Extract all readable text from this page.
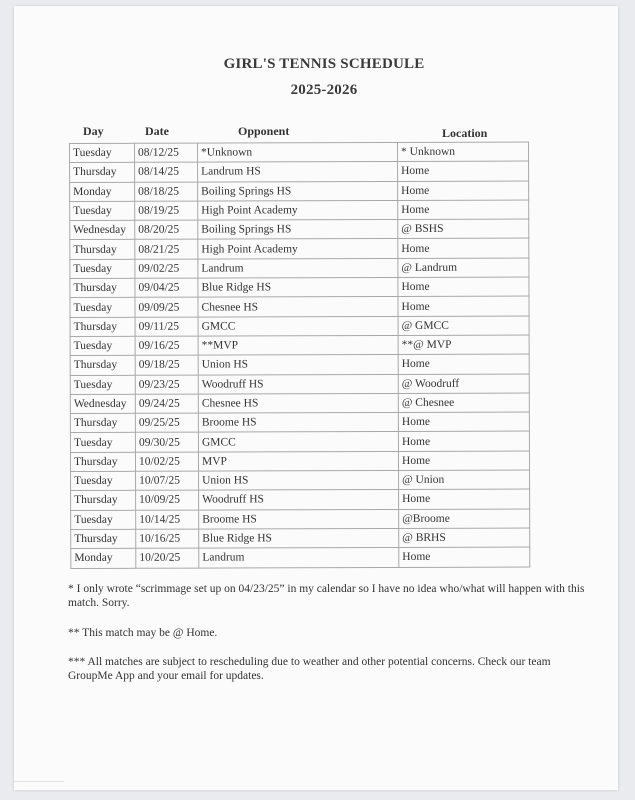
GIRL'S TENNIS SCHEDULE
2025-2026
Day	Date	Opponent	Location
Tuesday	08/12/25	*Unknown	* Unknown
Thursday	08/14/25	Landrum HS	Home
Monday	08/18/25	Boiling Springs HS	Home
Tuesday	08/19/25	High Point Academy	Home
Wednesday	08/20/25	Boiling Springs HS	@ BSHS
Thursday	08/21/25	High Point Academy	Home
Tuesday	09/02/25	Landrum	@ Landrum
Thursday	09/04/25	Blue Ridge HS	Home
Tuesday	09/09/25	Chesnee HS	Home
Thursday	09/11/25	GMCC	@ GMCC
Tuesday	09/16/25	**MVP	**@ MVP
Thursday	09/18/25	Union HS	Home
Tuesday	09/23/25	Woodruff HS	@ Woodruff
Wednesday	09/24/25	Chesnee HS	@ Chesnee
Thursday	09/25/25	Broome HS	Home
Tuesday	09/30/25	GMCC	Home
Thursday	10/02/25	MVP	Home
Tuesday	10/07/25	Union HS	@ Union
Thursday	10/09/25	Woodruff HS	Home
Tuesday	10/14/25	Broome HS	@Broome
Thursday	10/16/25	Blue Ridge HS	@ BRHS
Monday	10/20/25	Landrum	Home
* I only wrote “scrimmage set up on 04/23/25” in my calendar so I have no idea who/what will happen with this match. Sorry.
** This match may be @ Home.
*** All matches are subject to rescheduling due to weather and other potential concerns. Check our team GroupMe App and your email for updates.
